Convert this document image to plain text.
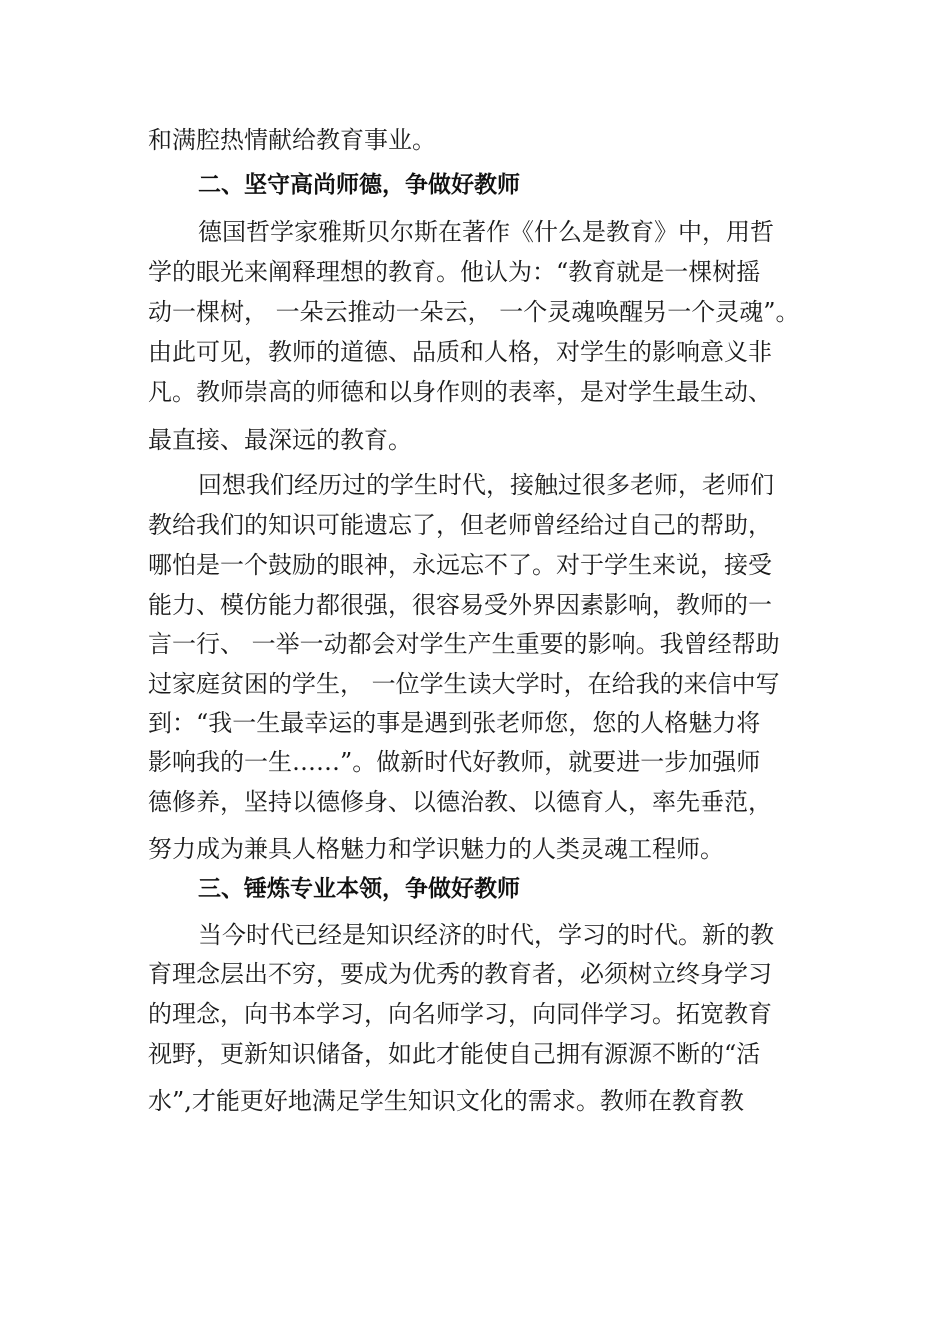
和满腔热情献给教育事业。
二、坚守高尚师德，争做好教师
德国哲学家雅斯贝尔斯在著作《什么是教育》中，用哲
学的眼光来阐释理想的教育。他认为：“教育就是一棵树摇
动一棵树， 一朵云推动一朵云， 一个灵魂唤醒另一个灵魂”。
由此可见，教师的道德、品质和人格，对学生的影响意义非
凡。教师崇高的师德和以身作则的表率，是对学生最生动、
最直接、最深远的教育。
回想我们经历过的学生时代，接触过很多老师，老师们
教给我们的知识可能遗忘了，但老师曾经给过自己的帮助，
哪怕是一个鼓励的眼神，永远忘不了。对于学生来说，接受
能力、模仿能力都很强，很容易受外界因素影响，教师的一
言一行、 一举一动都会对学生产生重要的影响。我曾经帮助
过家庭贫困的学生， 一位学生读大学时，在给我的来信中写
到：“我一生最幸运的事是遇到张老师您，您的人格魅力将
影响我的一生……”。做新时代好教师，就要进一步加强师
德修养，坚持以德修身、以德治教、以德育人，率先垂范，
努力成为兼具人格魅力和学识魅力的人类灵魂工程师。
三、锤炼专业本领，争做好教师
当今时代已经是知识经济的时代，学习的时代。新的教
育理念层出不穷，要成为优秀的教育者，必须树立终身学习
的理念，向书本学习，向名师学习，向同伴学习。拓宽教育
视野，更新知识储备，如此才能使自己拥有源源不断的“活
水”,才能更好地满足学生知识文化的需求。教师在教育教
